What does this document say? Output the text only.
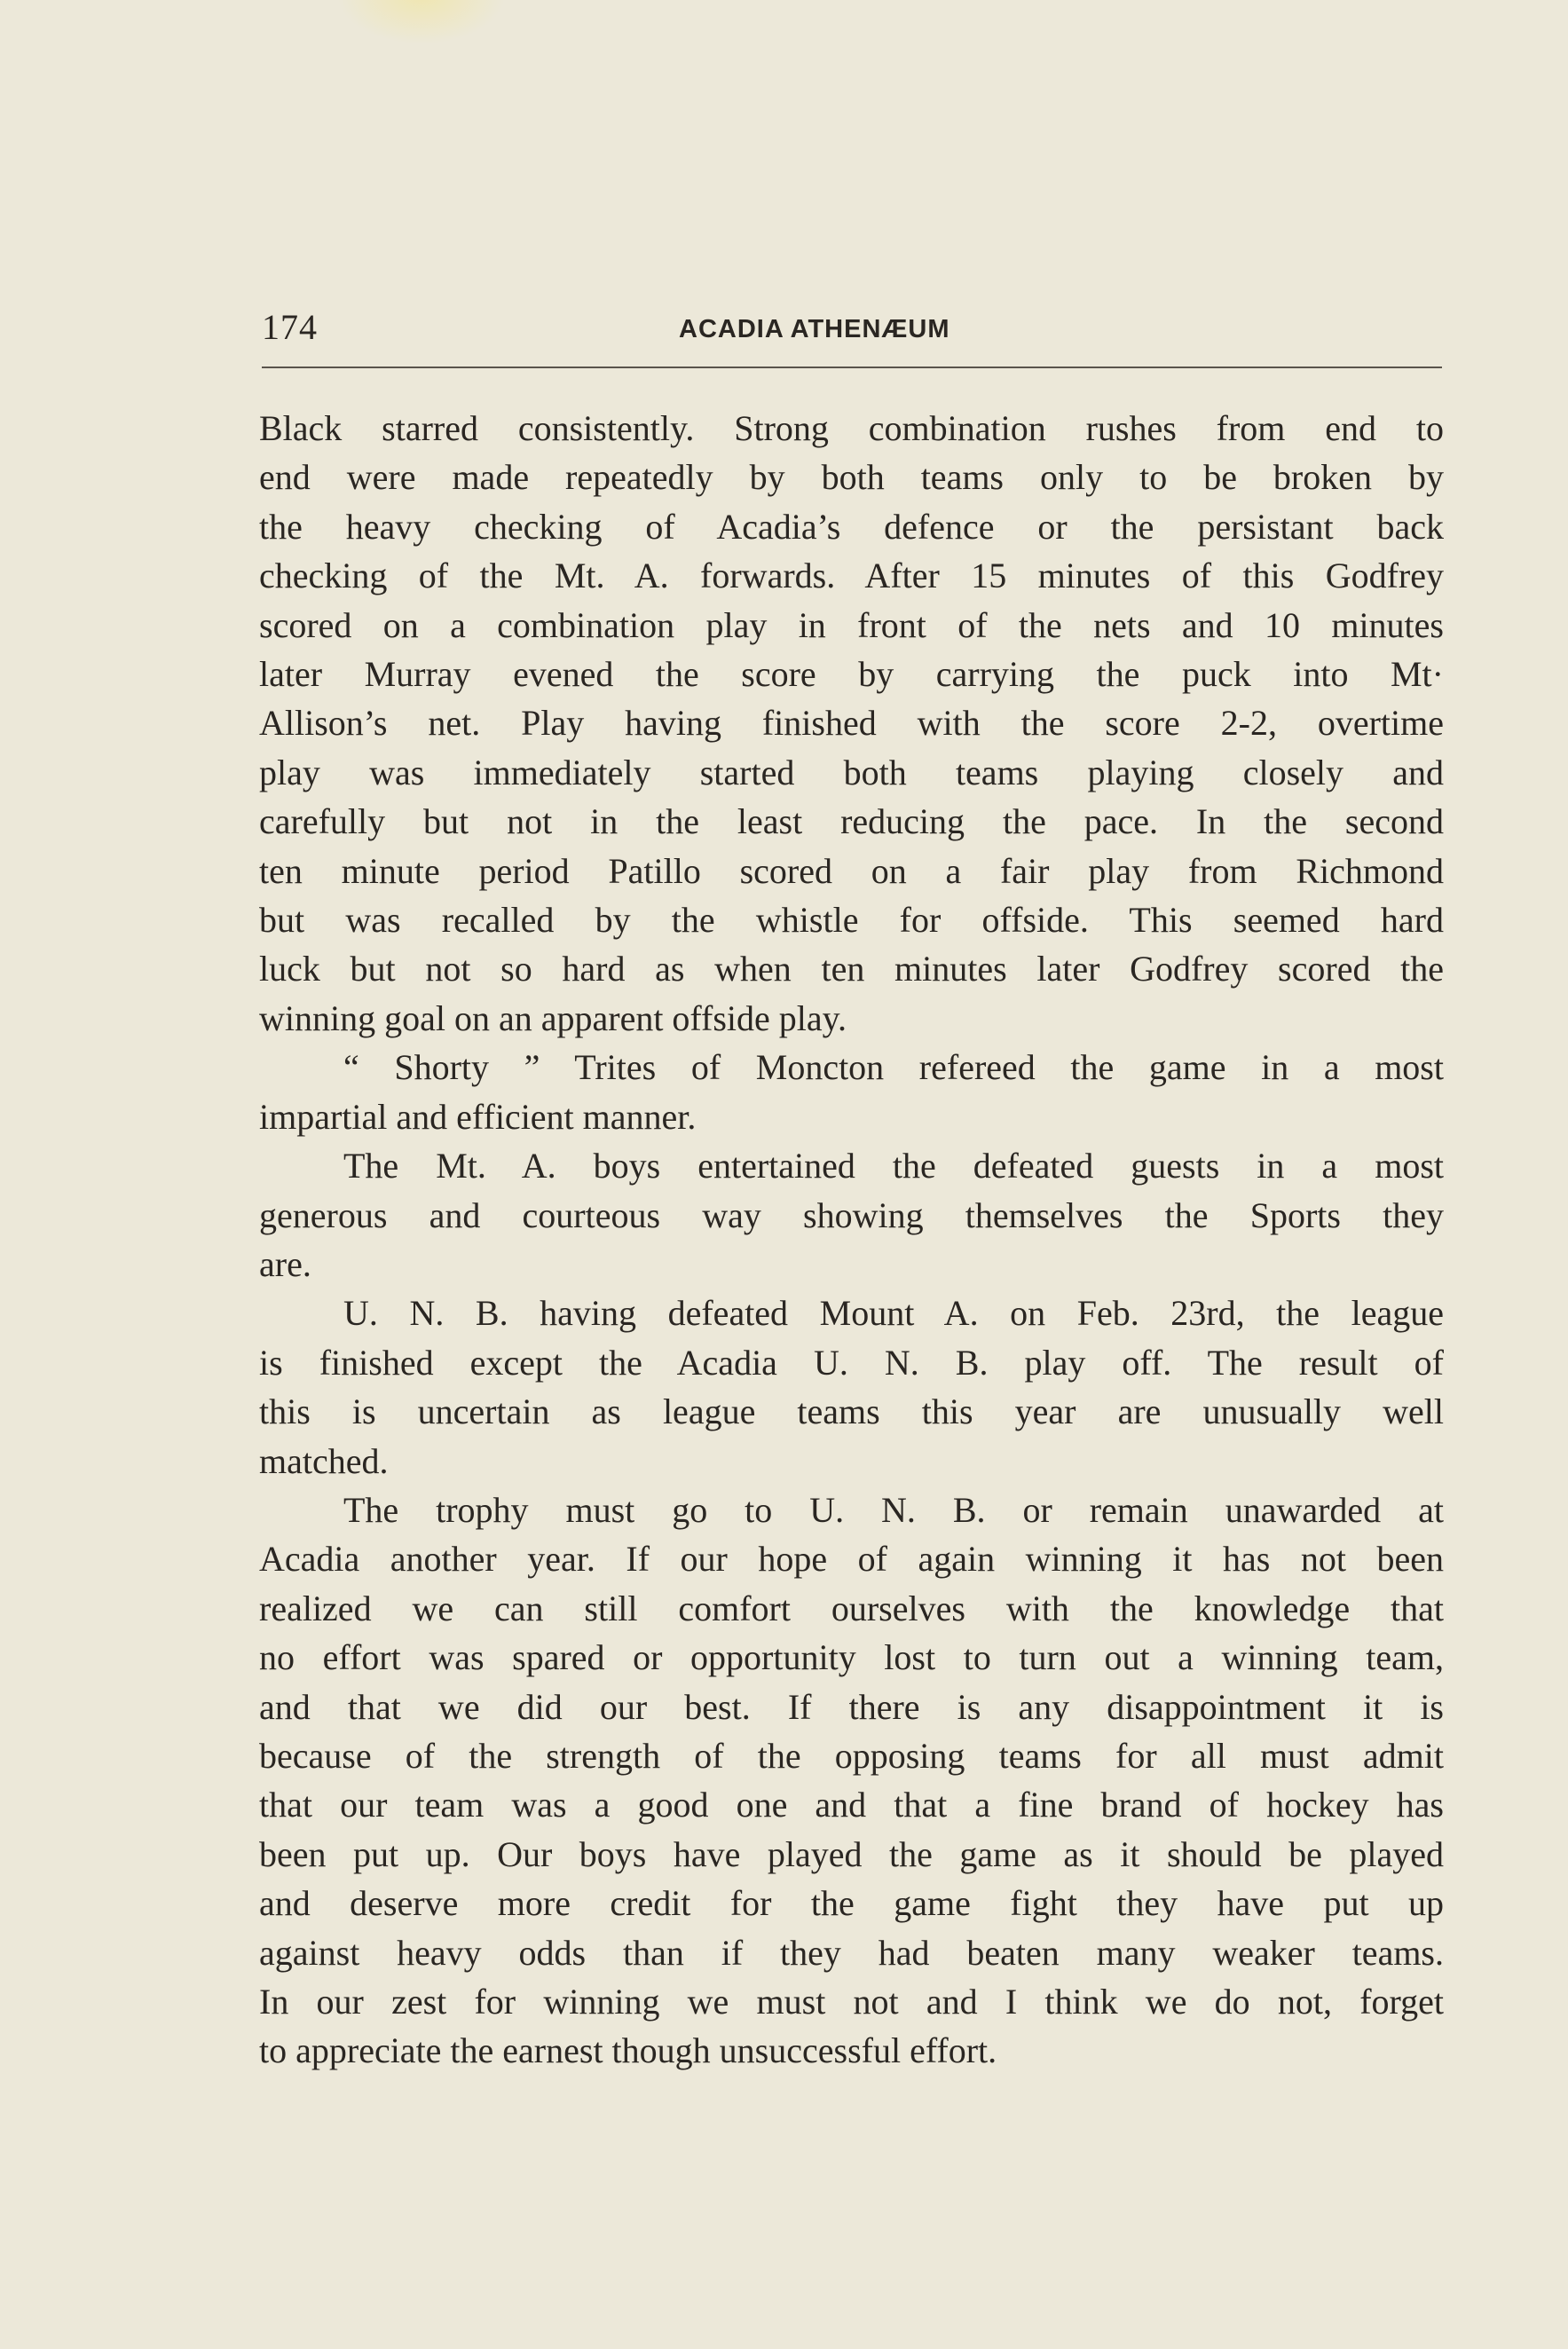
174	ACADIA ATHENÆUM
Black starred consistently. Strong combination rushes from end to
end were made repeatedly by both teams only to be broken by
the heavy checking of Acadia’s defence or the persistant back
checking of the Mt. A. forwards. After 15 minutes of this Godfrey
scored on a combination play in front of the nets and 10 minutes
later Murray evened the score by carrying the puck into Mt·
Allison’s net. Play having finished with the score 2-2, overtime
play was immediately started both teams playing closely and
carefully but not in the least reducing the pace. In the second
ten minute period Patillo scored on a fair play from Richmond
but was recalled by the whistle for offside. This seemed hard
luck but not so hard as when ten minutes later Godfrey scored the
winning goal on an apparent offside play.
“ Shorty ” Trites of Moncton refereed the game in a most
impartial and efficient manner.
The Mt. A. boys entertained the defeated guests in a most
generous and courteous way showing themselves the Sports they
are.
U. N. B. having defeated Mount A. on Feb. 23rd, the league
is finished except the Acadia U. N. B. play off. The result of
this is uncertain as league teams this year are unusually well
matched.
The trophy must go to U. N. B. or remain unawarded at
Acadia another year. If our hope of again winning it has not been
realized we can still comfort ourselves with the knowledge that
no effort was spared or opportunity lost to turn out a winning team,
and that we did our best. If there is any disappointment it is
because of the strength of the opposing teams for all must admit
that our team was a good one and that a fine brand of hockey has
been put up. Our boys have played the game as it should be played
and deserve more credit for the game fight they have put up
against heavy odds than if they had beaten many weaker teams.
In our zest for winning we must not and I think we do not, forget
to appreciate the earnest though unsuccessful effort.
